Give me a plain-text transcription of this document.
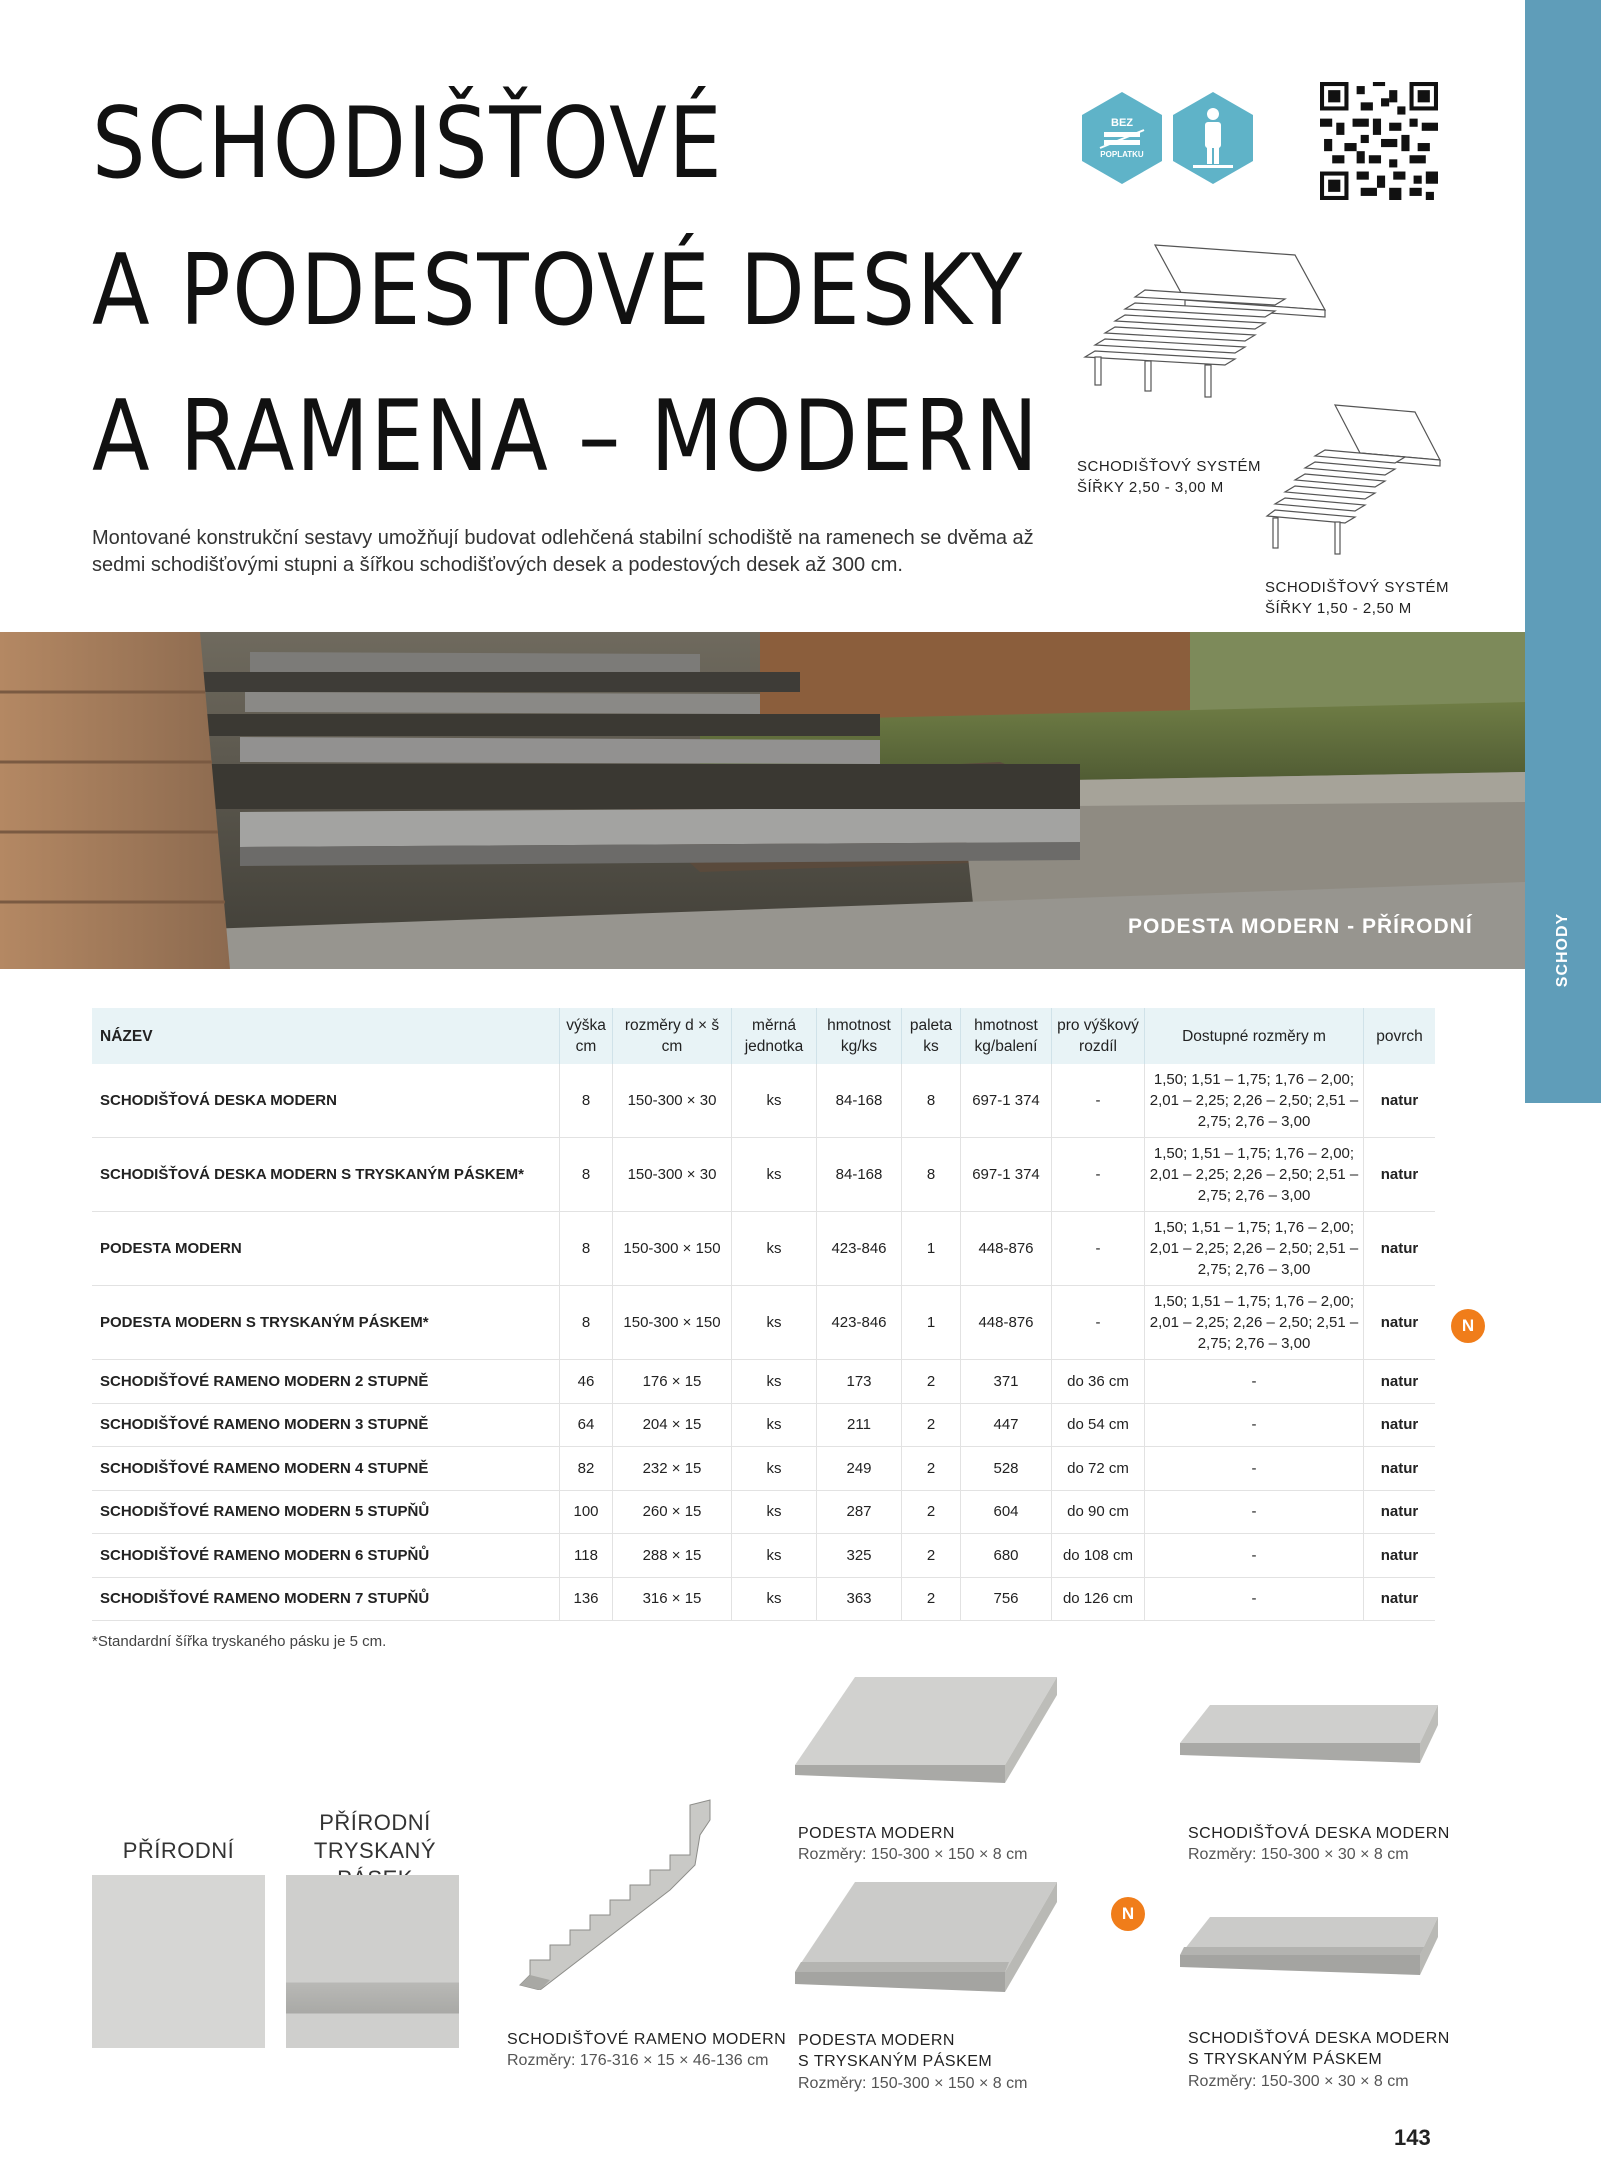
SCHODY
SCHODIŠŤOVÉ
A PODESTOVÉ DESKY
A RAMENA – MODERN
Montované konstrukční sestavy umožňují budovat odlehčená stabilní schodiště na ramenech se dvěma až sedmi schodišťovými stupni a šířkou schodišťových desek a podestových desek až 300 cm.
BEZ
POPLATKU
SCHODIŠŤOVÝ SYSTÉM
ŠÍŘKY 2,50 - 3,00 M
SCHODIŠŤOVÝ SYSTÉM
ŠÍŘKY 1,50 - 2,50 M
PODESTA MODERN - PŘÍRODNÍ
NÁZEV	výška cm	rozměry d × š cm	měrná jednotka	hmotnost kg/ks	paleta ks	hmotnost kg/balení	pro výškový rozdíl	Dostupné rozměry m	povrch
SCHODIŠŤOVÁ DESKA MODERN	8	150-300 × 30	ks	84-168	8	697-1 374	-	1,50; 1,51 – 1,75; 1,76 – 2,00; 2,01 – 2,25; 2,26 – 2,50; 2,51 – 2,75; 2,76 – 3,00	natur
SCHODIŠŤOVÁ DESKA MODERN S TRYSKANÝM PÁSKEM*	8	150-300 × 30	ks	84-168	8	697-1 374	-	1,50; 1,51 – 1,75; 1,76 – 2,00; 2,01 – 2,25; 2,26 – 2,50; 2,51 – 2,75; 2,76 – 3,00	natur
PODESTA MODERN	8	150-300 × 150	ks	423-846	1	448-876	-	1,50; 1,51 – 1,75; 1,76 – 2,00; 2,01 – 2,25; 2,26 – 2,50; 2,51 – 2,75; 2,76 – 3,00	natur
PODESTA MODERN S TRYSKANÝM PÁSKEM*	8	150-300 × 150	ks	423-846	1	448-876	-	1,50; 1,51 – 1,75; 1,76 – 2,00; 2,01 – 2,25; 2,26 – 2,50; 2,51 – 2,75; 2,76 – 3,00	natur
SCHODIŠŤOVÉ RAMENO MODERN 2 STUPNĚ	46	176 × 15	ks	173	2	371	do 36 cm	-	natur
SCHODIŠŤOVÉ RAMENO MODERN 3 STUPNĚ	64	204 × 15	ks	211	2	447	do 54 cm	-	natur
SCHODIŠŤOVÉ RAMENO MODERN 4 STUPNĚ	82	232 × 15	ks	249	2	528	do 72 cm	-	natur
SCHODIŠŤOVÉ RAMENO MODERN 5 STUPŇŮ	100	260 × 15	ks	287	2	604	do 90 cm	-	natur
SCHODIŠŤOVÉ RAMENO MODERN 6 STUPŇŮ	118	288 × 15	ks	325	2	680	do 108 cm	-	natur
SCHODIŠŤOVÉ RAMENO MODERN 7 STUPŇŮ	136	316 × 15	ks	363	2	756	do 126 cm	-	natur
N
*Standardní šířka tryskaného pásku je 5 cm.
PŘÍRODNÍ
PŘÍRODNÍ
TRYSKANÝ
SCHODIŠŤOVÉ RAMENO MODERN
Rozměry: 176-316 × 15 × 46-136 cm
PODESTA MODERN
Rozměry: 150-300 × 150 × 8 cm
SCHODIŠŤOVÁ DESKA MODERN
Rozměry: 150-300 × 30 × 8 cm
N
PODESTA MODERN
S TRYSKANÝM PÁSKEM
Rozměry: 150-300 × 150 × 8 cm
SCHODIŠŤOVÁ DESKA MODERN
S TRYSKANÝM PÁSKEM
Rozměry: 150-300 × 30 × 8 cm
143
